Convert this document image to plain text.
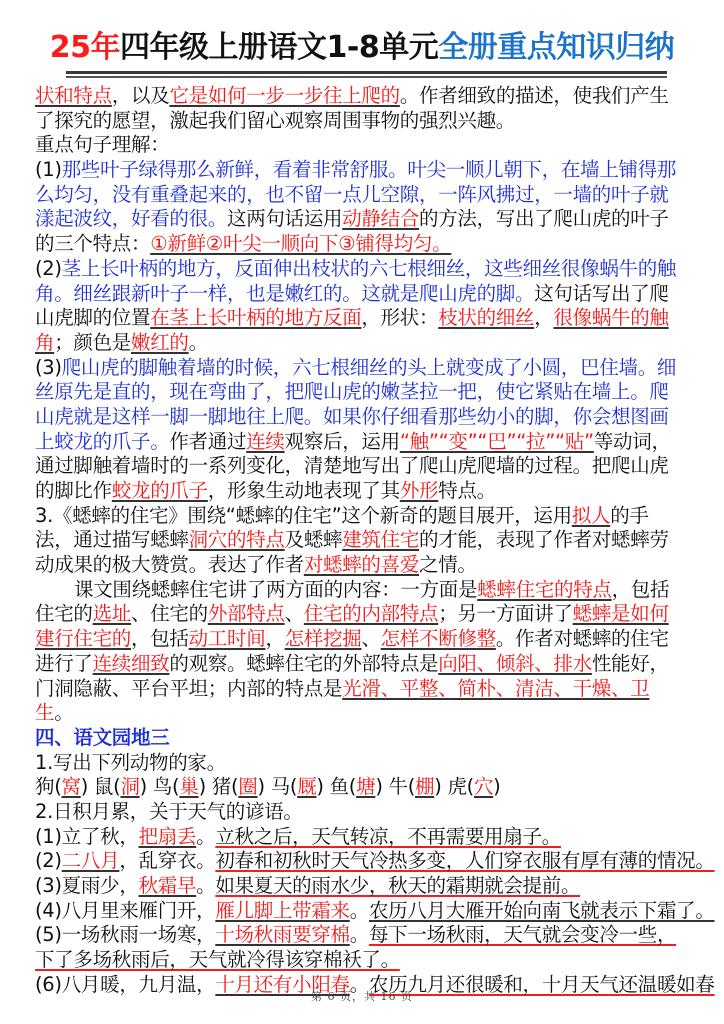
25年四年级上册语文1-8单元全册重点知识归纳
状和特点，以及它是如何一步一步往上爬的。作者细致的描述，使我们产生
了探究的愿望，激起我们留心观察周围事物的强烈兴趣。
重点句子理解：
(1)那些叶子绿得那么新鲜，看着非常舒服。叶尖一顺儿朝下，在墙上铺得那
么均匀，没有重叠起来的，也不留一点儿空隙，一阵风拂过，一墙的叶子就
漾起波纹，好看的很。这两句话运用动静结合的方法，写出了爬山虎的叶子
的三个特点：①新鲜②叶尖一顺向下③铺得均匀。
(2)茎上长叶柄的地方，反面伸出枝状的六七根细丝，这些细丝很像蜗牛的触
角。细丝跟新叶子一样，也是嫩红的。这就是爬山虎的脚。这句话写出了爬
山虎脚的位置在茎上长叶柄的地方反面，形状：枝状的细丝，很像蜗牛的触
角；颜色是嫩红的。
(3)爬山虎的脚触着墙的时候，六七根细丝的头上就变成了小圆，巴住墙。细
丝原先是直的，现在弯曲了，把爬山虎的嫩茎拉一把，使它紧贴在墙上。爬
山虎就是这样一脚一脚地往上爬。如果你仔细看那些幼小的脚，你会想图画
上蛟龙的爪子。作者通过连续观察后，运用“触”“变”“巴”“拉”“贴”等动词，
通过脚触着墙时的一系列变化，清楚地写出了爬山虎爬墙的过程。把爬山虎
的脚比作蛟龙的爪子，形象生动地表现了其外形特点。
3.《蟋蟀的住宅》围绕“蟋蟀的住宅”这个新奇的题目展开，运用拟人的手
法，通过描写蟋蟀洞穴的特点及蟋蟀建筑住宅的才能，表现了作者对蟋蟀劳
动成果的极大赞赏。表达了作者对蟋蟀的喜爱之情。
课文围绕蟋蟀住宅讲了两方面的内容：一方面是蟋蟀住宅的特点，包括
住宅的选址、住宅的外部特点、住宅的内部特点；另一方面讲了蟋蟀是如何
建行住宅的，包括动工时间，怎样挖掘、怎样不断修整。作者对蟋蟀的住宅
进行了连续细致的观察。蟋蟀住宅的外部特点是向阳、倾斜、排水性能好，
门洞隐蔽、平台平坦；内部的特点是光滑、平整、简朴、清洁、干燥、卫
生。
四、语文园地三
1.写出下列动物的家。
狗(窝) 鼠(洞) 鸟(巢) 猪(圈) 马(厩) 鱼(塘) 牛(棚) 虎(穴)
2.日积月累，关于天气的谚语。
(1)立了秋，把扇丢。立秋之后，天气转凉，不再需要用扇子。
(2)二八月，乱穿衣。初春和初秋时天气冷热多变，人们穿衣服有厚有薄的情况。
(3)夏雨少，秋霜早。如果夏天的雨水少，秋天的霜期就会提前。
(4)八月里来雁门开，雁儿脚上带霜来。农历八月大雁开始向南飞就表示下霜了。
(5)一场秋雨一场寒，十场秋雨要穿棉。每下一场秋雨，天气就会变冷一些，
下了多场秋雨后，天气就冷得该穿棉袄了。
(6)八月暖，九月温，十月还有小阳春。农历九月还很暖和，十月天气还温暖如春
第 6 页，共 16 页
